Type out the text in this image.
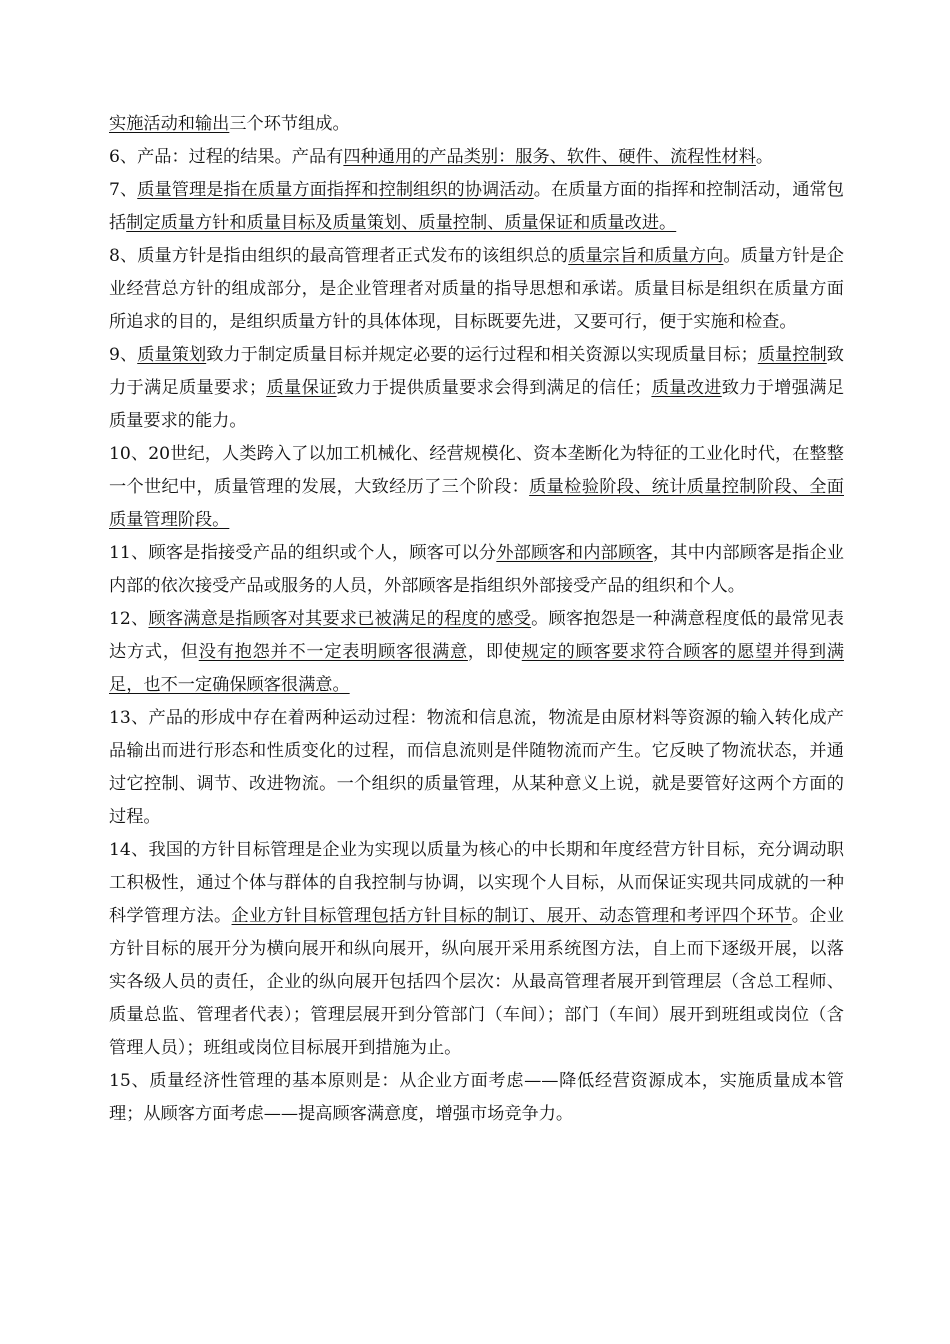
实施活动和输出三个环节组成。

6、产品：过程的结果。产品有四种通用的产品类别：服务、软件、硬件、流程性材料。

7、质量管理是指在质量方面指挥和控制组织的协调活动。在质量方面的指挥和控制活动，通常包括制定质量方针和质量目标及质量策划、质量控制、质量保证和质量改进。

8、质量方针是指由组织的最高管理者正式发布的该组织总的质量宗旨和质量方向。质量方针是企业经营总方针的组成部分，是企业管理者对质量的指导思想和承诺。质量目标是组织在质量方面所追求的目的，是组织质量方针的具体体现，目标既要先进，又要可行，便于实施和检查。

9、质量策划致力于制定质量目标并规定必要的运行过程和相关资源以实现质量目标；质量控制致力于满足质量要求；质量保证致力于提供质量要求会得到满足的信任；质量改进致力于增强满足质量要求的能力。

10、20世纪，人类跨入了以加工机械化、经营规模化、资本垄断化为特征的工业化时代，在整整一个世纪中，质量管理的发展，大致经历了三个阶段：质量检验阶段、统计质量控制阶段、全面质量管理阶段。

11、顾客是指接受产品的组织或个人，顾客可以分外部顾客和内部顾客，其中内部顾客是指企业内部的依次接受产品或服务的人员，外部顾客是指组织外部接受产品的组织和个人。

12、顾客满意是指顾客对其要求已被满足的程度的感受。顾客抱怨是一种满意程度低的最常见表达方式，但没有抱怨并不一定表明顾客很满意，即使规定的顾客要求符合顾客的愿望并得到满足，也不一定确保顾客很满意。

13、产品的形成中存在着两种运动过程：物流和信息流，物流是由原材料等资源的输入转化成产品输出而进行形态和性质变化的过程，而信息流则是伴随物流而产生。它反映了物流状态，并通过它控制、调节、改进物流。一个组织的质量管理，从某种意义上说，就是要管好这两个方面的过程。

14、我国的方针目标管理是企业为实现以质量为核心的中长期和年度经营方针目标，充分调动职工积极性，通过个体与群体的自我控制与协调，以实现个人目标，从而保证实现共同成就的一种科学管理方法。企业方针目标管理包括方针目标的制订、展开、动态管理和考评四个环节。企业方针目标的展开分为横向展开和纵向展开，纵向展开采用系统图方法，自上而下逐级开展，以落实各级人员的责任，企业的纵向展开包括四个层次：从最高管理者展开到管理层（含总工程师、质量总监、管理者代表）；管理层展开到分管部门（车间）；部门（车间）展开到班组或岗位（含管理人员）；班组或岗位目标展开到措施为止。

15、质量经济性管理的基本原则是：从企业方面考虑——降低经营资源成本，实施质量成本管理；从顾客方面考虑——提高顾客满意度，增强市场竞争力。
